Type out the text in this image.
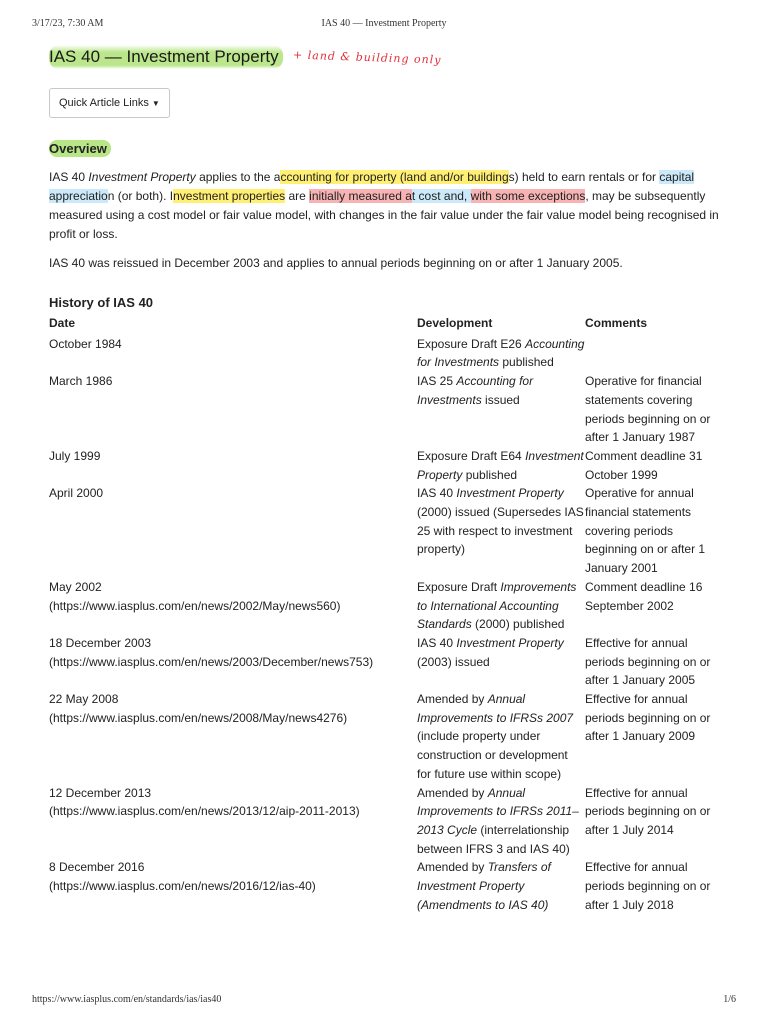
3/17/23, 7:30 AM	IAS 40 — Investment Property
IAS 40 — Investment Property	+ land & building only
Quick Article Links ▼
Overview

IAS 40 Investment Property applies to the accounting for property (land and/or buildings) held to earn rentals or for capital appreciation (or both). Investment properties are initially measured at cost and, with some exceptions, may be subsequently measured using a cost model or fair value model, with changes in the fair value under the fair value model being recognised in profit or loss.

IAS 40 was reissued in December 2003 and applies to annual periods beginning on or after 1 January 2005.

History of IAS 40
Date	Development	Comments

October 1984	Exposure Draft E26 Accounting for Investments published	

March 1986	IAS 25 Accounting for Investments issued	Operative for financial statements covering periods beginning on or after 1 January 1987

July 1999	Exposure Draft E64 Investment Property published	Comment deadline 31 October 1999

April 2000	IAS 40 Investment Property (2000) issued (Supersedes IAS 25 with respect to investment property)	Operative for annual financial statements covering periods beginning on or after 1 January 2001

May 2002
(https://www.iasplus.com/en/news/2002/May/news560)	Exposure Draft Improvements to International Accounting Standards (2000) published	Comment deadline 16 September 2002

18 December 2003
(https://www.iasplus.com/en/news/2003/December/news753)	IAS 40 Investment Property (2003) issued	Effective for annual periods beginning on or after 1 January 2005

22 May 2008
(https://www.iasplus.com/en/news/2008/May/news4276)	Amended by Annual Improvements to IFRSs 2007 (include property under construction or development for future use within scope)	Effective for annual periods beginning on or after 1 January 2009

12 December 2013
(https://www.iasplus.com/en/news/2013/12/aip-2011-2013)	Amended by Annual Improvements to IFRSs 2011–2013 Cycle (interrelationship between IFRS 3 and IAS 40)	Effective for annual periods beginning on or after 1 July 2014

8 December 2016
(https://www.iasplus.com/en/news/2016/12/ias-40)	Amended by Transfers of Investment Property (Amendments to IAS 40)	Effective for annual periods beginning on or after 1 July 2018
https://www.iasplus.com/en/standards/ias/ias40	1/6
